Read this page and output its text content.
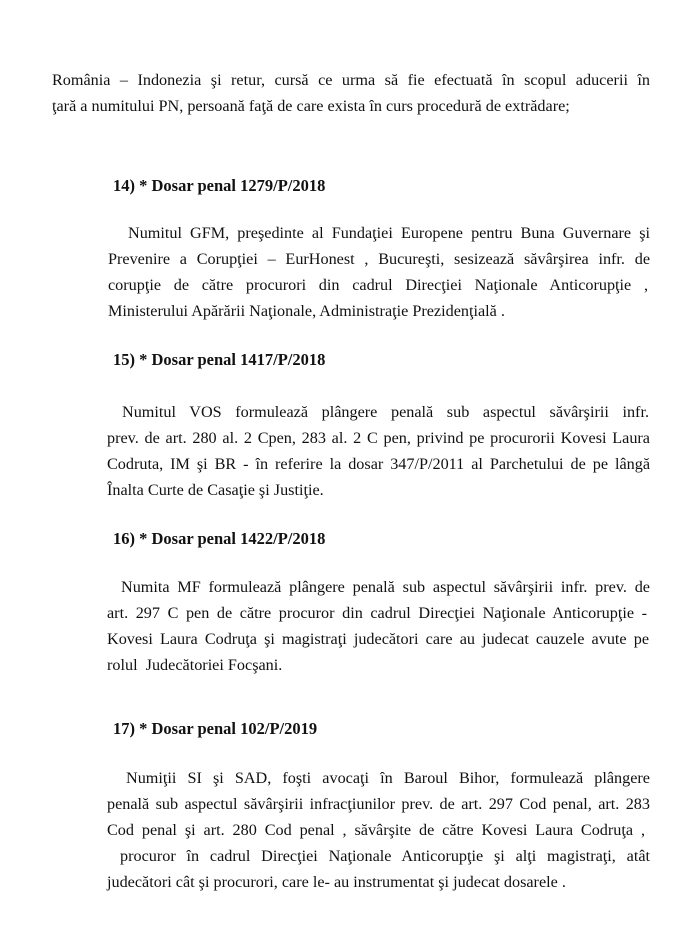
România – Indonezia şi retur, cursă ce urma să fie efectuată în scopul aducerii în
ţară a numitului PN, persoană faţă de care exista în curs procedură de extrădare;
14) * Dosar penal 1279/P/2018
Numitul GFM, preşedinte al Fundaţiei Europene pentru Buna Guvernare şi
Prevenire a Corupţiei – EurHonest , Bucureşti, sesizează săvârşirea infr. de
corupţie de către procurori din cadrul Direcţiei Naţionale Anticorupţie ,
Ministerului Apărării Naţionale, Administraţie Prezidenţială .
15) * Dosar penal 1417/P/2018
Numitul VOS formulează plângere penală sub aspectul săvârşirii infr.
prev. de art. 280 al. 2 Cpen, 283 al. 2 C pen, privind pe procurorii Kovesi Laura
Codruta, IM şi BR - în referire la dosar 347/P/2011 al Parchetului de pe lângă
Înalta Curte de Casaţie şi Justiţie.
16) * Dosar penal 1422/P/2018
Numita MF formulează plângere penală sub aspectul săvârşirii infr. prev. de
art. 297 C pen de către procuror din cadrul Direcţiei Naţionale Anticorupţie -
Kovesi Laura Codruţa şi magistraţi judecători care au judecat cauzele avute pe
rolul  Judecătoriei Focşani.
17) * Dosar penal 102/P/2019
Numiţii SI şi SAD, foşti avocaţi în Baroul Bihor, formulează plângere
penală sub aspectul săvârşirii infracţiunilor prev. de art. 297 Cod penal, art. 283
Cod penal şi art. 280 Cod penal , săvârşite de către Kovesi Laura Codruţa ,
procuror în cadrul Direcţiei Naţionale Anticorupţie şi alţi magistraţi, atât
judecători cât şi procurori, care le- au instrumentat şi judecat dosarele .
